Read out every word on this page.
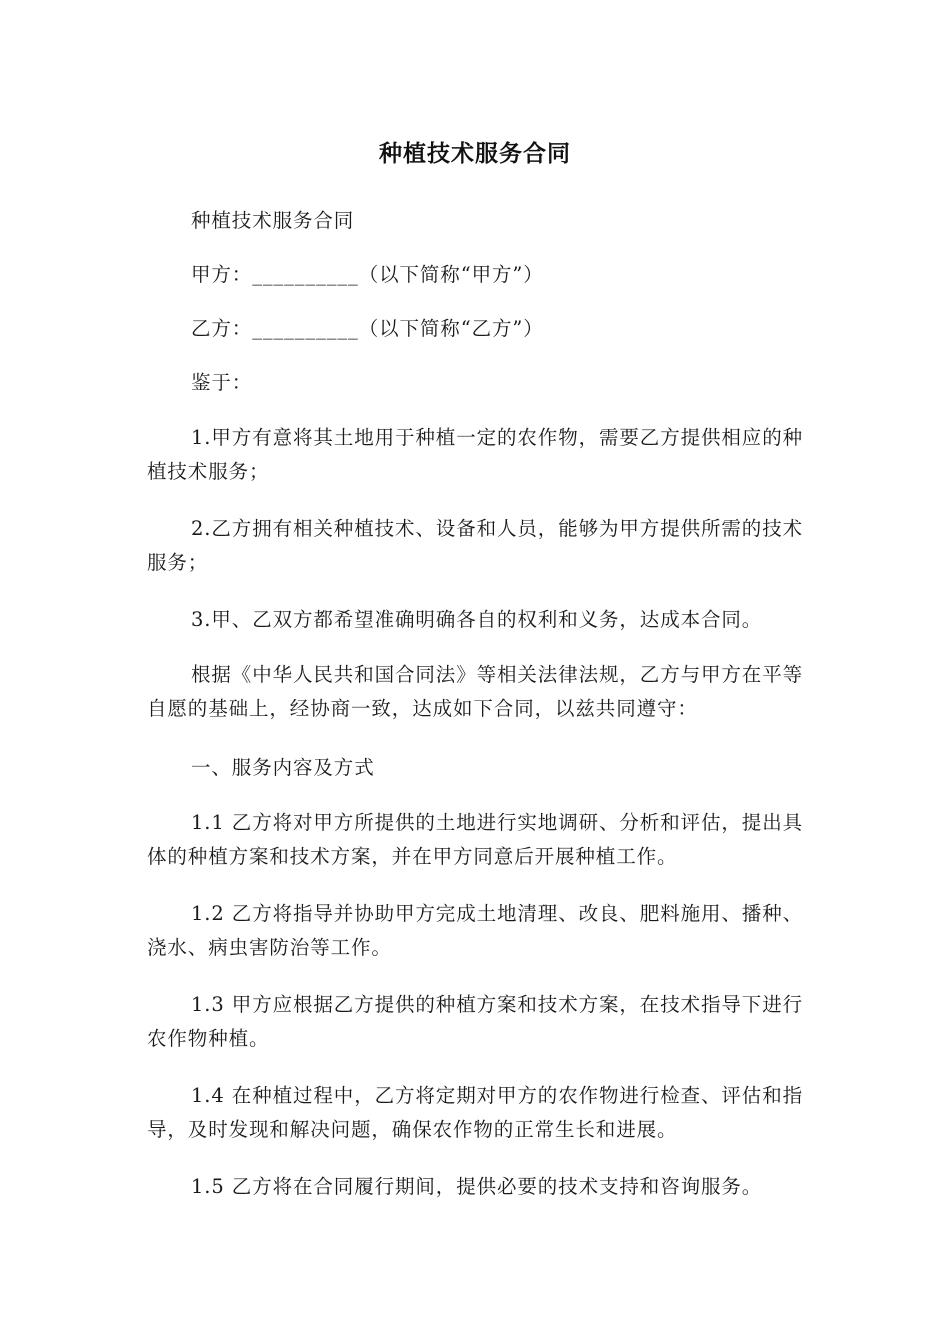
种植技术服务合同

种植技术服务合同

甲方：__________（以下简称“甲方”）

乙方：__________（以下简称“乙方”）

鉴于：

1.甲方有意将其土地用于种植一定的农作物，需要乙方提供相应的种植技术服务；

2.乙方拥有相关种植技术、设备和人员，能够为甲方提供所需的技术服务；

3.甲、乙双方都希望准确明确各自的权利和义务，达成本合同。

根据《中华人民共和国合同法》等相关法律法规，乙方与甲方在平等自愿的基础上，经协商一致，达成如下合同，以兹共同遵守：

一、服务内容及方式

1.1 乙方将对甲方所提供的土地进行实地调研、分析和评估，提出具体的种植方案和技术方案，并在甲方同意后开展种植工作。

1.2 乙方将指导并协助甲方完成土地清理、改良、肥料施用、播种、浇水、病虫害防治等工作。

1.3 甲方应根据乙方提供的种植方案和技术方案，在技术指导下进行农作物种植。

1.4 在种植过程中，乙方将定期对甲方的农作物进行检查、评估和指导，及时发现和解决问题，确保农作物的正常生长和进展。

1.5 乙方将在合同履行期间，提供必要的技术支持和咨询服务。
